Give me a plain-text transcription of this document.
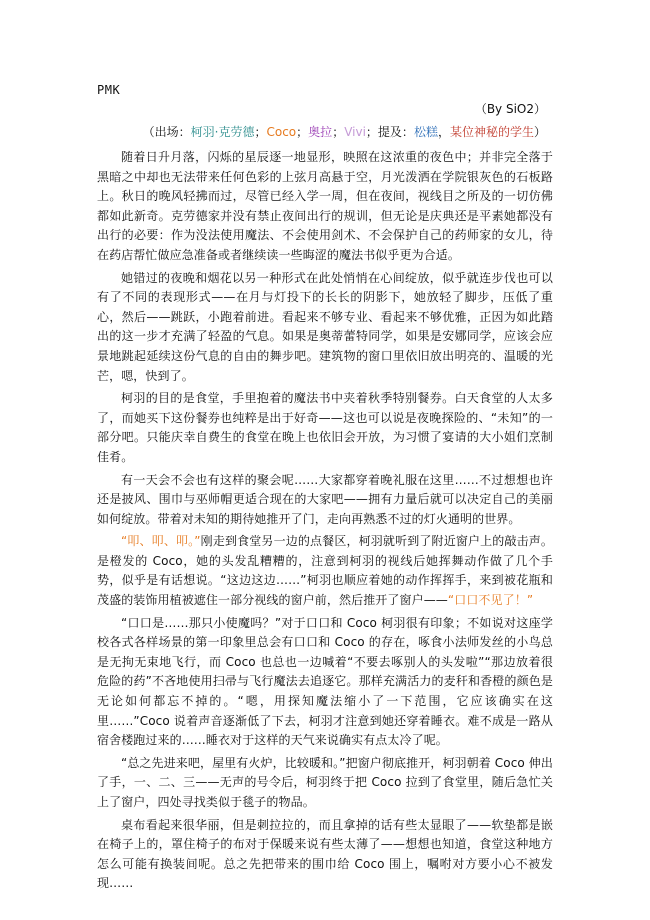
PMK
（By SiO2）
（出场：柯羽·克劳德；Coco；奥拉；Vivi；提及：松糕，某位神秘的学生）

随着日升月落，闪烁的星辰逐一地显形，映照在这浓重的夜色中；并非完全落于黑暗之中却也无法带来任何色彩的上弦月高悬于空，月光泼洒在学院银灰色的石板路上。秋日的晚风轻拂而过，尽管已经入学一周，但在夜间，视线目之所及的一切仿佛都如此新奇。克劳德家并没有禁止夜间出行的规训，但无论是庆典还是平素她都没有出行的必要：作为没法使用魔法、不会使用剑术、不会保护自己的药师家的女儿，待在药店帮忙做应急准备或者继续读一些晦涩的魔法书似乎更为合适。

她错过的夜晚和烟花以另一种形式在此处悄悄在心间绽放，似乎就连步伐也可以有了不同的表现形式——在月与灯投下的长长的阴影下，她放轻了脚步，压低了重心，然后——跳跃，小跑着前进。看起来不够专业、看起来不够优雅，正因为如此踏出的这一步才充满了轻盈的气息。如果是奥蒂蕾特同学，如果是安娜同学，应该会应景地跳起延续这份气息的自由的舞步吧。建筑物的窗口里依旧放出明亮的、温暖的光芒，嗯，快到了。

柯羽的目的是食堂，手里抱着的魔法书中夹着秋季特别餐券。白天食堂的人太多了，而她买下这份餐券也纯粹是出于好奇——这也可以说是夜晚探险的、“未知”的一部分吧。只能庆幸自费生的食堂在晚上也依旧会开放，为习惯了宴请的大小姐们烹制佳肴。

有一天会不会也有这样的聚会呢……大家都穿着晚礼服在这里……不过想想也许还是披风、围巾与巫师帽更适合现在的大家吧——拥有力量后就可以决定自己的美丽如何绽放。带着对未知的期待她推开了门，走向再熟悉不过的灯火通明的世界。

“叩、叩、叩。”刚走到食堂另一边的点餐区，柯羽就听到了附近窗户上的敲击声。是橙发的 Coco，她的头发乱糟糟的，注意到柯羽的视线后她挥舞动作做了几个手势，似乎是有话想说。“这边这边……”柯羽也顺应着她的动作挥挥手，来到被花瓶和茂盛的装饰用植被遮住一部分视线的窗户前，然后推开了窗户——“口口不见了！”

“口口是……那只小使魔吗？”对于口口和 Coco 柯羽很有印象；不如说对这座学校各式各样场景的第一印象里总会有口口和 Coco 的存在，啄食小法师发丝的小鸟总是无拘无束地飞行，而 Coco 也总也一边喊着“不要去啄别人的头发啦”“那边放着很危险的药”不吝地使用扫帚与飞行魔法去追逐它。那样充满活力的麦秆和香橙的颜色是无论如何都忘不掉的。“嗯，用探知魔法缩小了一下范围，它应该确实在这里……”Coco 说着声音逐渐低了下去，柯羽才注意到她还穿着睡衣。难不成是一路从宿舍楼跑过来的……睡衣对于这样的天气来说确实有点太冷了呢。

“总之先进来吧，屋里有火炉，比较暖和。”把窗户彻底推开，柯羽朝着 Coco 伸出了手，一、二、三——无声的号令后，柯羽终于把 Coco 拉到了食堂里，随后急忙关上了窗户，四处寻找类似于毯子的物品。

桌布看起来很华丽，但是刺拉拉的，而且拿掉的话有些太显眼了——软垫都是嵌在椅子上的，罩住椅子的布对于保暖来说有些太薄了——想想也知道，食堂这种地方怎么可能有换装间呢。总之先把带来的围巾给 Coco 围上，嘱咐对方要小心不被发现……
